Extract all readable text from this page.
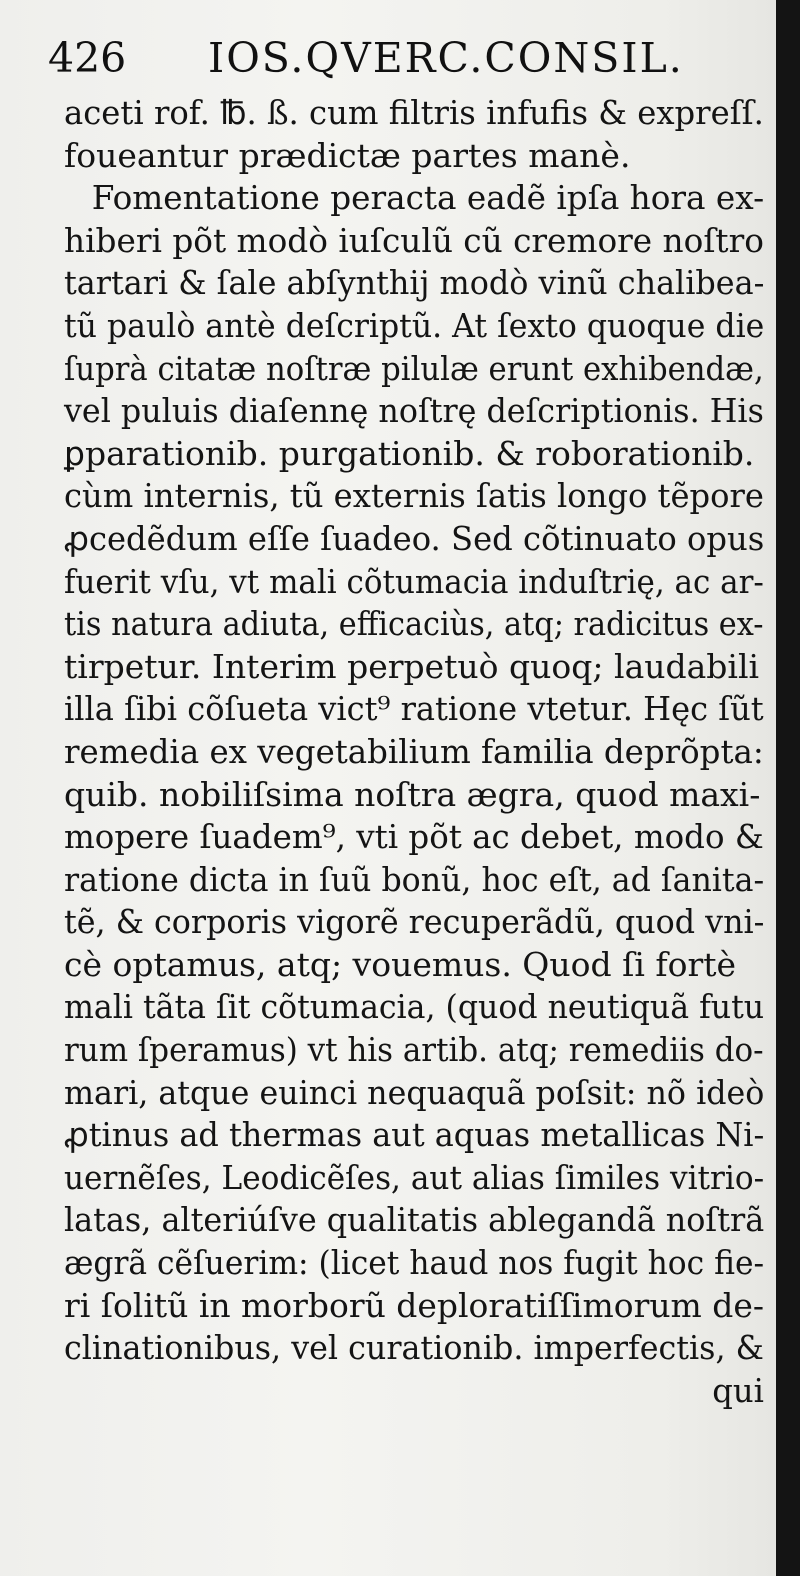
426 IOS.QVERC.CONSIL.
aceti rof. ℔. ß. cum filtris infufis & expreſſ.
foueantur prædictæ partes manè.
Fomentatione peracta eadẽ ipſa hora ex-
hiberi põt modò iuſculũ cũ cremore noſtro
tartari & ſale abſynthij modò vinũ chalibea-
tũ paulò antè deſcriptũ. At ſexto quoque die
ſuprà citatæ noſtræ pilulæ erunt exhibendæ,
vel puluis diaſennę noſtrę deſcriptionis. His
ꝑparationib. purgationib. & roborationib.
cùm internis, tũ externis ſatis longo tẽpore
ꝓcedẽdum eſſe ſuadeo. Sed cõtinuato opus
fuerit vſu, vt mali cõtumacia induſtrię, ac ar-
tis natura adiuta, efficaciùs, atq; radicitus ex-
tirpetur. Interim perpetuò quoq; laudabili
illa ſibi cõſueta vict⁹ ratione vtetur. Hęc ſũt
remedia ex vegetabilium familia deprõpta:
quib. nobiliſsima noſtra ægra, quod maxi-
mopere ſuadem⁹, vti põt ac debet, modo &
ratione dicta in ſuũ bonũ, hoc eſt, ad ſanita-
tẽ, & corporis vigorẽ recuperãdũ, quod vni-
cè optamus, atq; vouemus. Quod ſi fortè
mali tãta ſit cõtumacia, (quod neutiquã futu
rum ſperamus) vt his artib. atq; remediis do-
mari, atque euinci nequaquã poſsit: nõ ideò
ꝓtinus ad thermas aut aquas metallicas Ni-
uernẽſes, Leodicẽſes, aut alias ſimiles vitrio-
latas, alteriúſve qualitatis ablegandã noſtrã
ægrã cẽſuerim: (licet haud nos fugit hoc fie-
ri ſolitũ in morborũ deploratiſſimorum de-
clinationibus, vel curationib. imperfectis, &
qui
